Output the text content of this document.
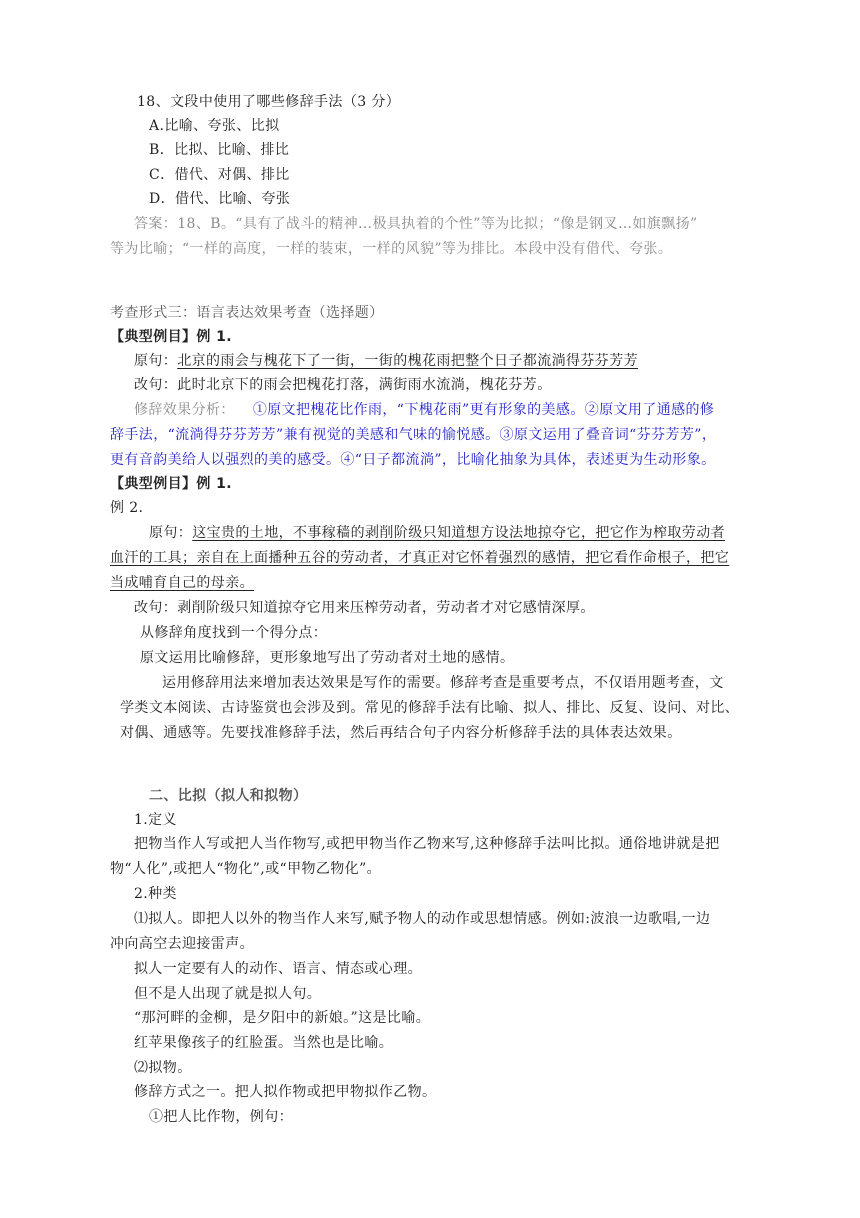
18、文段中使用了哪些修辞手法（3 分）
A.比喻、夸张、比拟
B．比拟、比喻、排比
C．借代、对偶、排比
D．借代、比喻、夸张
答案：18、B。“具有了战斗的精神…极具执着的个性”等为比拟；“像是钢叉…如旗飘扬”
等为比喻；“一样的高度，一样的装束，一样的风貌”等为排比。本段中没有借代、夸张。
考查形式三：语言表达效果考查（选择题）
【典型例目】例 1.
原句：北京的雨会与槐花下了一街，一街的槐花雨把整个日子都流淌得芬芬芳芳
改句：此时北京下的雨会把槐花打落，满街雨水流淌，槐花芬芳。
修辞效果分析： ①原文把槐花比作雨，“下槐花雨”更有形象的美感。②原文用了通感的修
辞手法，“流淌得芬芬芳芳”兼有视觉的美感和气味的愉悦感。③原文运用了叠音词“芬芬芳芳”，
更有音韵美给人以强烈的美的感受。④“日子都流淌”，比喻化抽象为具体，表述更为生动形象。
【典型例目】例 1.
例 2.
原句：这宝贵的土地，不事稼穑的剥削阶级只知道想方设法地掠夺它，把它作为榨取劳动者
血汗的工具；亲自在上面播种五谷的劳动者，才真正对它怀着强烈的感情，把它看作命根子，把它
当成哺育自己的母亲。
改句：剥削阶级只知道掠夺它用来压榨劳动者，劳动者才对它感情深厚。
从修辞角度找到一个得分点：
原文运用比喻修辞，更形象地写出了劳动者对土地的感情。
运用修辞用法来增加表达效果是写作的需要。修辞考查是重要考点，不仅语用题考查，文
学类文本阅读、古诗鉴赏也会涉及到。常见的修辞手法有比喻、拟人、排比、反复、设问、对比、
对偶、通感等。先要找准修辞手法，然后再结合句子内容分析修辞手法的具体表达效果。
二、比拟（拟人和拟物）
1.定义
把物当作人写或把人当作物写,或把甲物当作乙物来写,这种修辞手法叫比拟。通俗地讲就是把
物“人化”,或把人“物化”,或“甲物乙物化”。
2.种类
⑴拟人。即把人以外的物当作人来写,赋予物人的动作或思想情感。例如:波浪一边歌唱,一边
冲向高空去迎接雷声。
拟人一定要有人的动作、语言、情态或心理。
但不是人出现了就是拟人句。
“那河畔的金柳，是夕阳中的新娘。”这是比喻。
红苹果像孩子的红脸蛋。当然也是比喻。
⑵拟物。
修辞方式之一。把人拟作物或把甲物拟作乙物。
①把人比作物，例句：
